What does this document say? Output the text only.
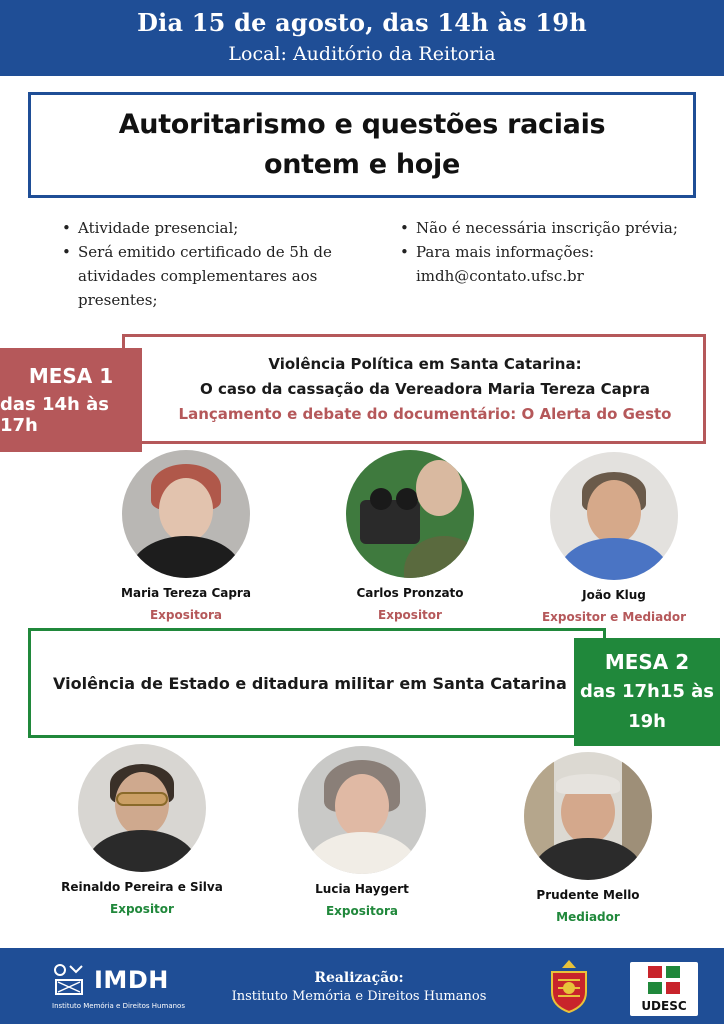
Dia 15 de agosto, das 14h às 19h
Local: Auditório da Reitoria
Autoritarismo e questões raciais
ontem e hoje
• Atividade presencial;
• Será emitido certificado de 5h de atividades complementares aos presentes;
• Não é necessária inscrição prévia;
• Para mais informações: imdh@contato.ufsc.br
MESA 1
das 14h às 17h
Violência Política em Santa Catarina:
O caso da cassação da Vereadora Maria Tereza Capra
Lançamento e debate do documentário: O Alerta do Gesto
Maria Tereza Capra
Expositora
Carlos Pronzato
Expositor
João Klug
Expositor e Mediador
Violência de Estado e ditadura militar em Santa Catarina
MESA 2
das 17h15 às
19h
Reinaldo Pereira e Silva
Expositor
Lucia Haygert
Expositora
Prudente Mello
Mediador
IMDH
Instituto Memória e Direitos Humanos
Realização:
Instituto Memória e Direitos Humanos
UDESC
